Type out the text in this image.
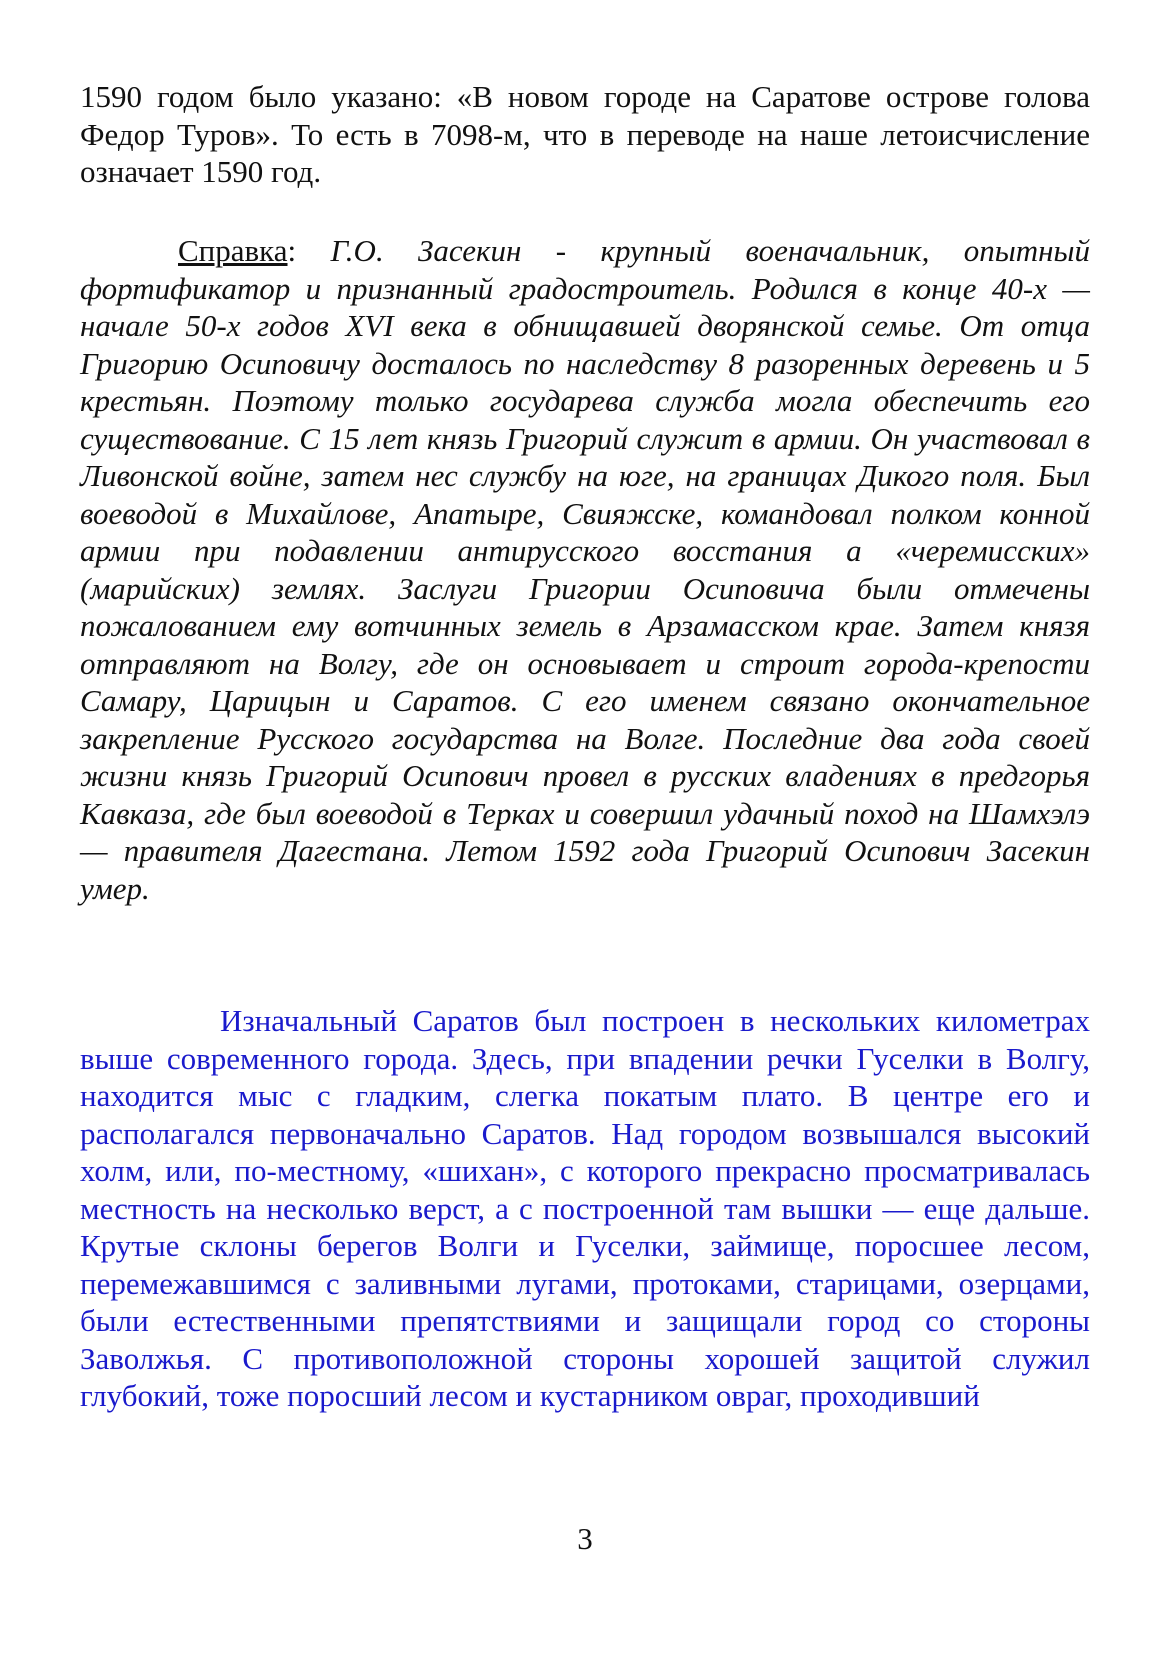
1590 годом было указано: «В новом городе на Саратове острове голова Федор Туров». То есть в 7098-м, что в переводе на наше летоисчисление означает 1590 год.

Справка: Г.О. Засекин - крупный военачальник, опытный фортификатор и признанный градостроитель. Родился в конце 40-х — начале 50-х годов XVI века в обнищавшей дворянской семье. От отца Григорию Осиповичу досталось по наследству 8 разоренных деревень и 5 крестьян. Поэтому только государева служба могла обеспечить его существование. С 15 лет князь Григорий служит в армии. Он участвовал в Ливонской войне, затем нес службу на юге, на границах Дикого поля. Был воеводой в Михайлове, Апатыре, Свияжске, командовал полком конной армии при подавлении антирусского восстания а «черемисских» (марийских) землях. Заслуги Григории Осиповича были отмечены пожалованием ему вотчинных земель в Арзамасском крае. Затем князя отправляют на Волгу, где он основывает и строит города-крепости Самару, Царицын и Саратов. С его именем связано окончательное закрепление Русского государства на Волге. Последние два года своей жизни князь Григорий Осипович провел в русских владениях в предгорья Кавказа, где был воеводой в Терках и совершил удачный поход на Шамхэлэ — правителя Дагестана. Летом 1592 года Григорий Осипович Засекин умер.

Изначальный Саратов был построен в нескольких километрах выше современного города. Здесь, при впадении речки Гуселки в Волгу, находится мыс с гладким, слегка покатым плато. В центре его и располагался первоначально Саратов. Над городом возвышался высокий холм, или, по-местному, «шихан», с которого прекрасно просматривалась местность на несколько верст, а с построенной там вышки — еще дальше. Крутые склоны берегов Волги и Гуселки, займище, поросшее лесом, перемежавшимся с заливными лугами, протоками, старицами, озерцами, были естественными препятствиями и защищали город со стороны Заволжья. С противоположной стороны хорошей защитой служил глубокий, тоже поросший лесом и кустарником овраг, проходивший

3
